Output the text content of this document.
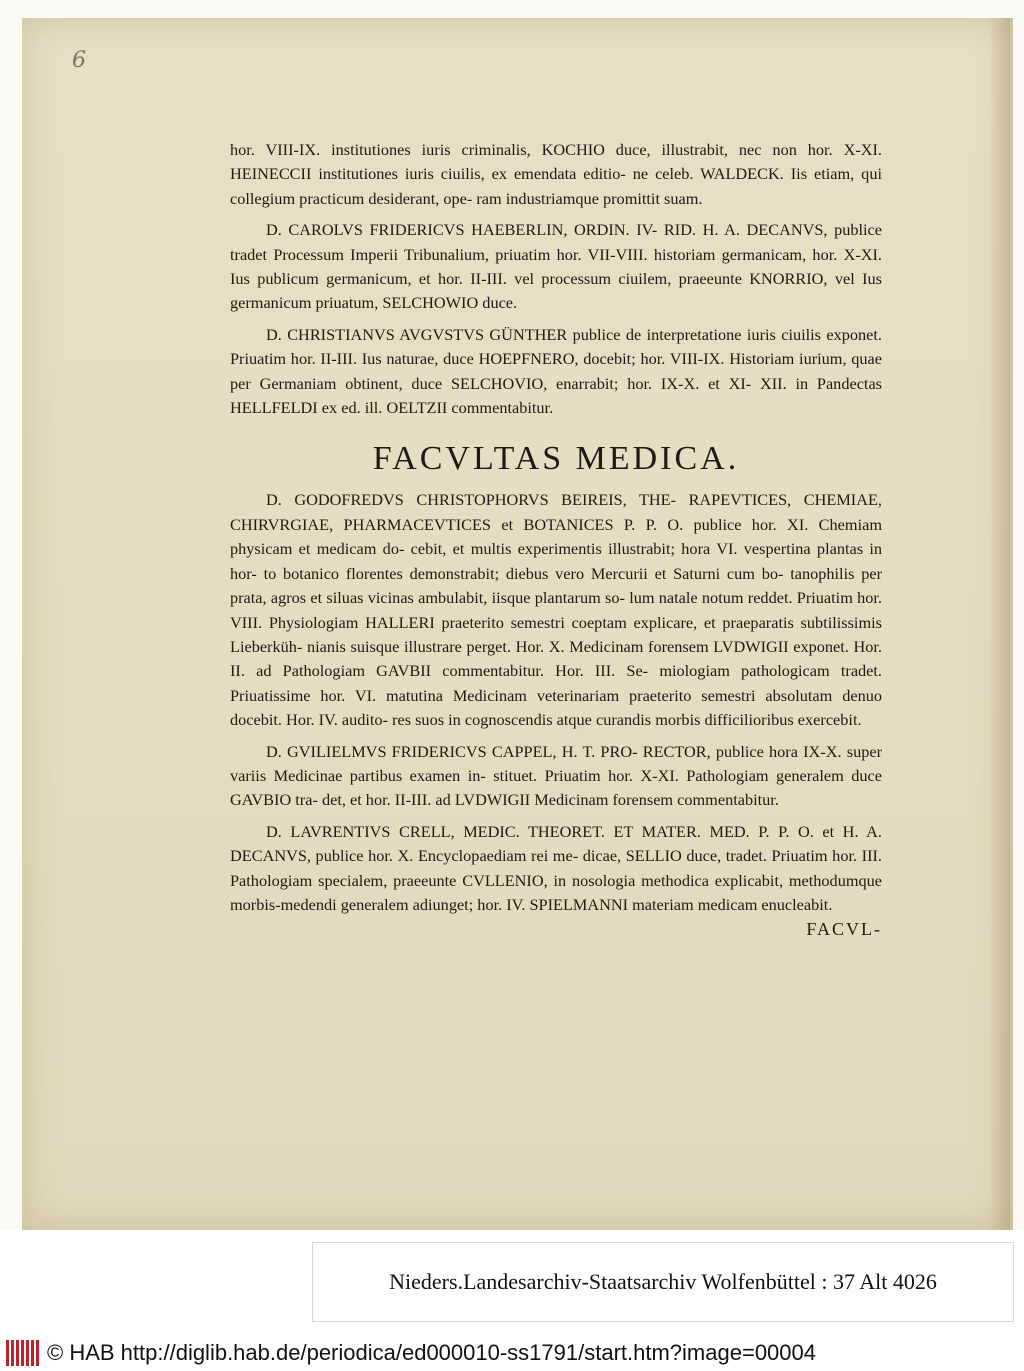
6

hor. VIII-IX. institutiones iuris criminalis, KOCHIO duce, illustrabit, nec non hor. X-XI. HEINECCII institutiones iuris ciuilis, ex emendata editio- ne celeb. WALDECK. Iis etiam, qui collegium practicum desiderant, ope- ram industriamque promittit suam.

D. CAROLVS FRIDERICVS HAEBERLIN, ORDIN. IV- RID. H. A. DECANVS, publice tradet Processum Imperii Tribunalium, priuatim hor. VII-VIII. historiam germanicam, hor. X-XI. Ius publicum germanicum, et hor. II-III. vel processum ciuilem, praeeunte KNORRIO, vel Ius germanicum priuatum, SELCHOWIO duce.

D. CHRISTIANVS AVGVSTVS GÜNTHER publice de interpretatione iuris ciuilis exponet. Priuatim hor. II-III. Ius naturae, duce HOEPFNERO, docebit; hor. VIII-IX. Historiam iurium, quae per Germaniam obtinent, duce SELCHOVIO, enarrabit; hor. IX-X. et XI- XII. in Pandectas HELLFELDI ex ed. ill. OELTZII commentabitur.

FACVLTAS MEDICA.

D. GODOFREDVS CHRISTOPHORVS BEIREIS, THE- RAPEVTICES, CHEMIAE, CHIRVRGIAE, PHARMACEVTICES et BOTANICES P. P. O. publice hor. XI. Chemiam physicam et medicam do- cebit, et multis experimentis illustrabit; hora VI. vespertina plantas in hor- to botanico florentes demonstrabit; diebus vero Mercurii et Saturni cum bo- tanophilis per prata, agros et siluas vicinas ambulabit, iisque plantarum so- lum natale notum reddet. Priuatim hor. VIII. Physiologiam HALLERI praeterito semestri coeptam explicare, et praeparatis subtilissimis Lieberküh- nianis suisque illustrare perget. Hor. X. Medicinam forensem LVDWIGII exponet. Hor. II. ad Pathologiam GAVBII commentabitur. Hor. III. Se- miologiam pathologicam tradet. Priuatissime hor. VI. matutina Medicinam veterinariam praeterito semestri absolutam denuo docebit. Hor. IV. audito- res suos in cognoscendis atque curandis morbis difficilioribus exercebit.

D. GVILIELMVS FRIDERICVS CAPPEL, H. T. PRO- RECTOR, publice hora IX-X. super variis Medicinae partibus examen in- stituet. Priuatim hor. X-XI. Pathologiam generalem duce GAVBIO tra- det, et hor. II-III. ad LVDWIGII Medicinam forensem commentabitur.

D. LAVRENTIVS CRELL, MEDIC. THEORET. ET MATER. MED. P. P. O. et H. A. DECANVS, publice hor. X. Encyclopaediam rei me- dicae, SELLIO duce, tradet. Priuatim hor. III. Pathologiam specialem, praeeunte CVLLENIO, in nosologia methodica explicabit, methodumque morbis-medendi generalem adiunget; hor. IV. SPIELMANNI materiam medicam enucleabit.

FACVL-

Nieders.Landesarchiv-Staatsarchiv Wolfenbüttel : 37 Alt 4026
© HAB http://diglib.hab.de/periodica/ed000010-ss1791/start.htm?image=00004
